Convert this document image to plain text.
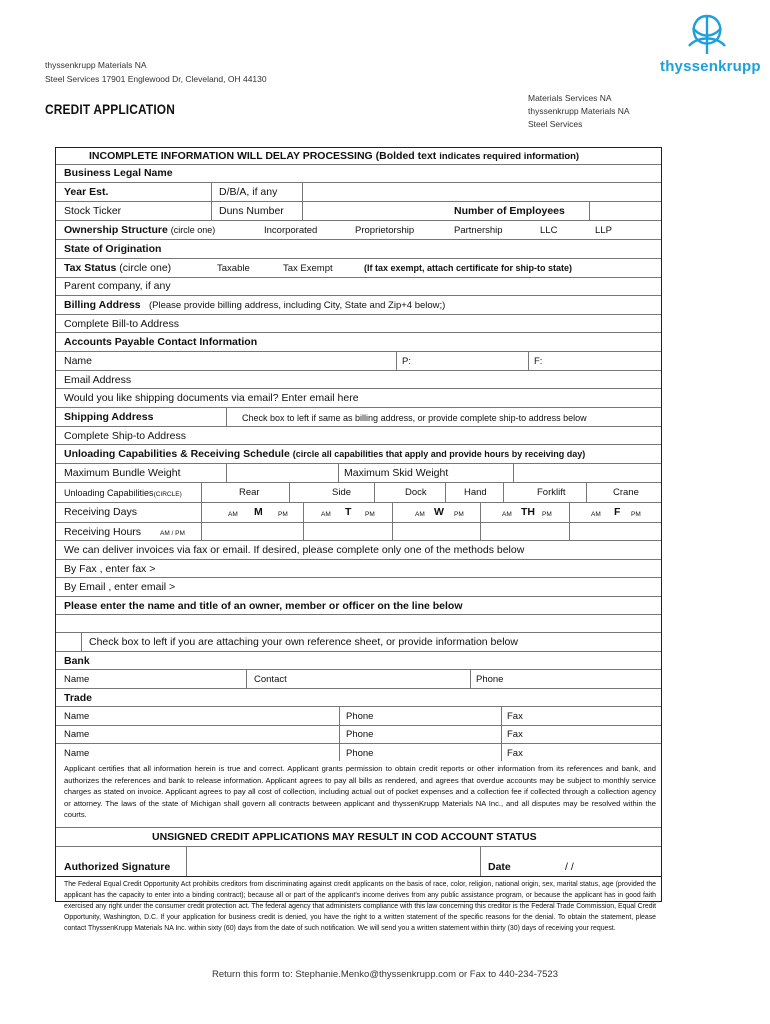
thyssenkrupp Materials NA
Steel Services 17901 Englewood Dr, Cleveland, OH 44130
CREDIT APPLICATION
Materials Services NA
thyssenkrupp Materials NA
Steel Services
thyssenkrupp
INCOMPLETE INFORMATION WILL DELAY PROCESSING (Bolded text indicates required information)
Business Legal Name
Year Est.	D/B/A, if any
Stock Ticker	Duns Number	Number of Employees
Ownership Structure (circle one)	Incorporated	Proprietorship	Partnership	LLC	LLP
State of Origination
Tax Status (circle one)	Taxable	Tax Exempt	(If tax exempt, attach certificate for ship-to state)
Parent company, if any
Billing Address (Please provide billing address, including City, State and Zip+4 below;)
Complete Bill-to Address
Accounts Payable Contact Information
Name	P:	F:
Email Address
Would you like shipping documents via email? Enter email here
Shipping Address	Check box to left if same as billing address, or provide complete ship-to address below
Complete Ship-to Address
Unloading Capabilities & Receiving Schedule (circle all capabilities that apply and provide hours by receiving day)
Maximum Bundle Weight	Maximum Skid Weight
Unloading Capabilities(CIRCLE)	Rear	Side	Dock	Hand	Forklift	Crane
Receiving Days	AM M PM	AM T PM	AM W PM	AM TH PM	AM F PM
Receiving Hours	AM / PM
We can deliver invoices via fax or email. If desired, please complete only one of the methods below
By Fax , enter fax >
By Email , enter email >
Please enter the name and title of an owner, member or officer on the line below
Check box to left if you are attaching your own reference sheet, or provide information below
Bank
Name	Contact	Phone
Trade
Name	Phone	Fax
Name	Phone	Fax
Name	Phone	Fax
Applicant certifies that all information herein is true and correct. Applicant grants permission to obtain credit reports or other information from its references and bank, and authorizes the references and bank to release information. Applicant agrees to pay all bills as rendered, and agrees that overdue accounts may be subject to monthly service charges as stated on invoice. Applicant agrees to pay all cost of collection, including actual out of pocket expenses and a collection fee if collected through a collection agency or attorney. The laws of the state of Michigan shall govern all contracts between applicant and thyssenKrupp Materials NA Inc., and all disputes may be resolved within the courts.
UNSIGNED CREDIT APPLICATIONS MAY RESULT IN COD ACCOUNT STATUS
Authorized Signature	Date	/ /
The Federal Equal Credit Opportunity Act prohibits creditors from discriminating against credit applicants on the basis of race, color, religion, national origin, sex, marital status, age (provided the applicant has the capacity to enter into a binding contract); because all or part of the applicant's income derives from any public assistance program, or because the applicant has in good faith exercised any right under the consumer credit protection act. The federal agency that administers compliance with this law concerning this creditor is the Federal Trade Commission, Equal Credit Opportunity, Washington, D.C. If your application for business credit is denied, you have the right to a written statement of the specific reasons for the denial. To obtain the statement, please contact ThyssenKrupp Materials NA Inc. within sixty (60) days from the date of such notification. We will send you a written statement within thirty (30) days of receiving your request.
Return this form to: Stephanie.Menko@thyssenkrupp.com or Fax to 440-234-7523
